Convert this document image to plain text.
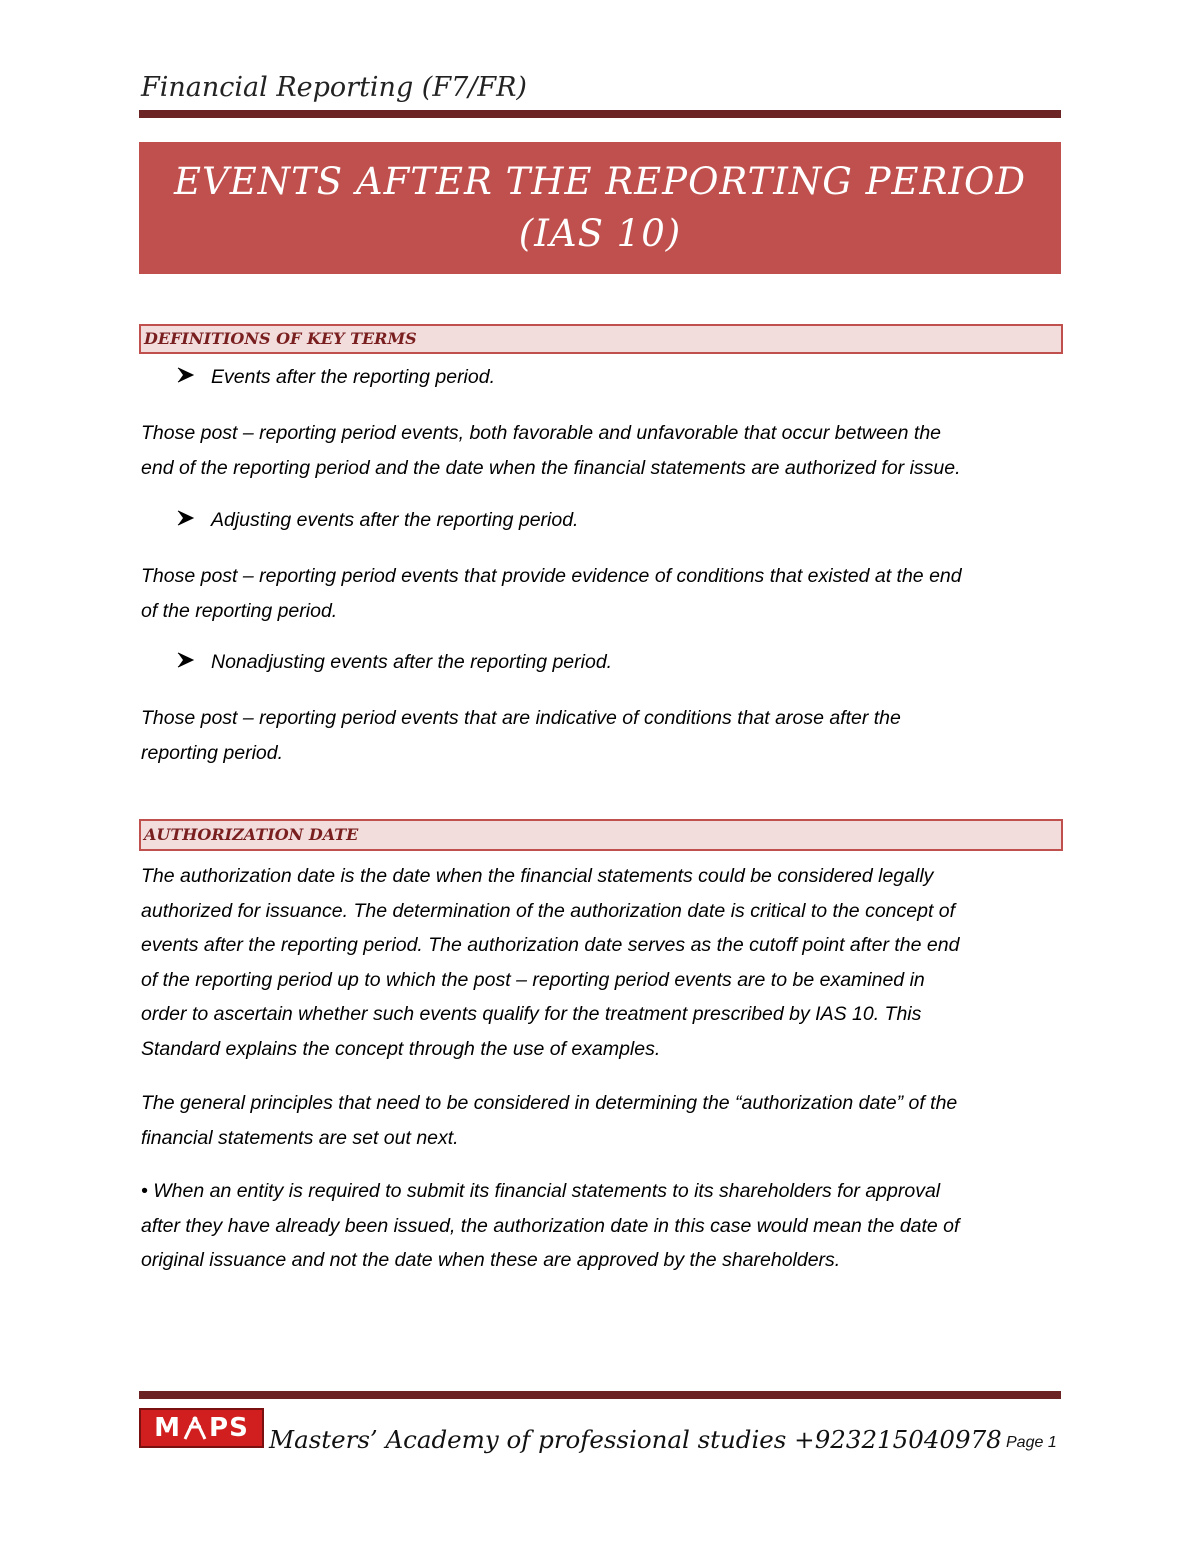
Financial Reporting (F7/FR)
EVENTS AFTER THE REPORTING PERIOD
(IAS 10)
DEFINITIONS OF KEY TERMS
Events after the reporting period.
Those post – reporting period events, both favorable and unfavorable that occur between the
end of the reporting period and the date when the financial statements are authorized for issue.
Adjusting events after the reporting period.
Those post – reporting period events that provide evidence of conditions that existed at the end
of the reporting period.
Nonadjusting events after the reporting period.
Those post – reporting period events that are indicative of conditions that arose after the
reporting period.
AUTHORIZATION DATE
The authorization date is the date when the financial statements could be considered legally
authorized for issuance. The determination of the authorization date is critical to the concept of
events after the reporting period. The authorization date serves as the cutoff point after the end
of the reporting period up to which the post – reporting period events are to be examined in
order to ascertain whether such events qualify for the treatment prescribed by IAS 10. This
Standard explains the concept through the use of examples.
The general principles that need to be considered in determining the “authorization date” of the
financial statements are set out next.
• When an entity is required to submit its financial statements to its shareholders for approval
after they have already been issued, the authorization date in this case would mean the date of
original issuance and not the date when these are approved by the shareholders.
M PS Masters’ Academy of professional studies +923215040978 Page 1
